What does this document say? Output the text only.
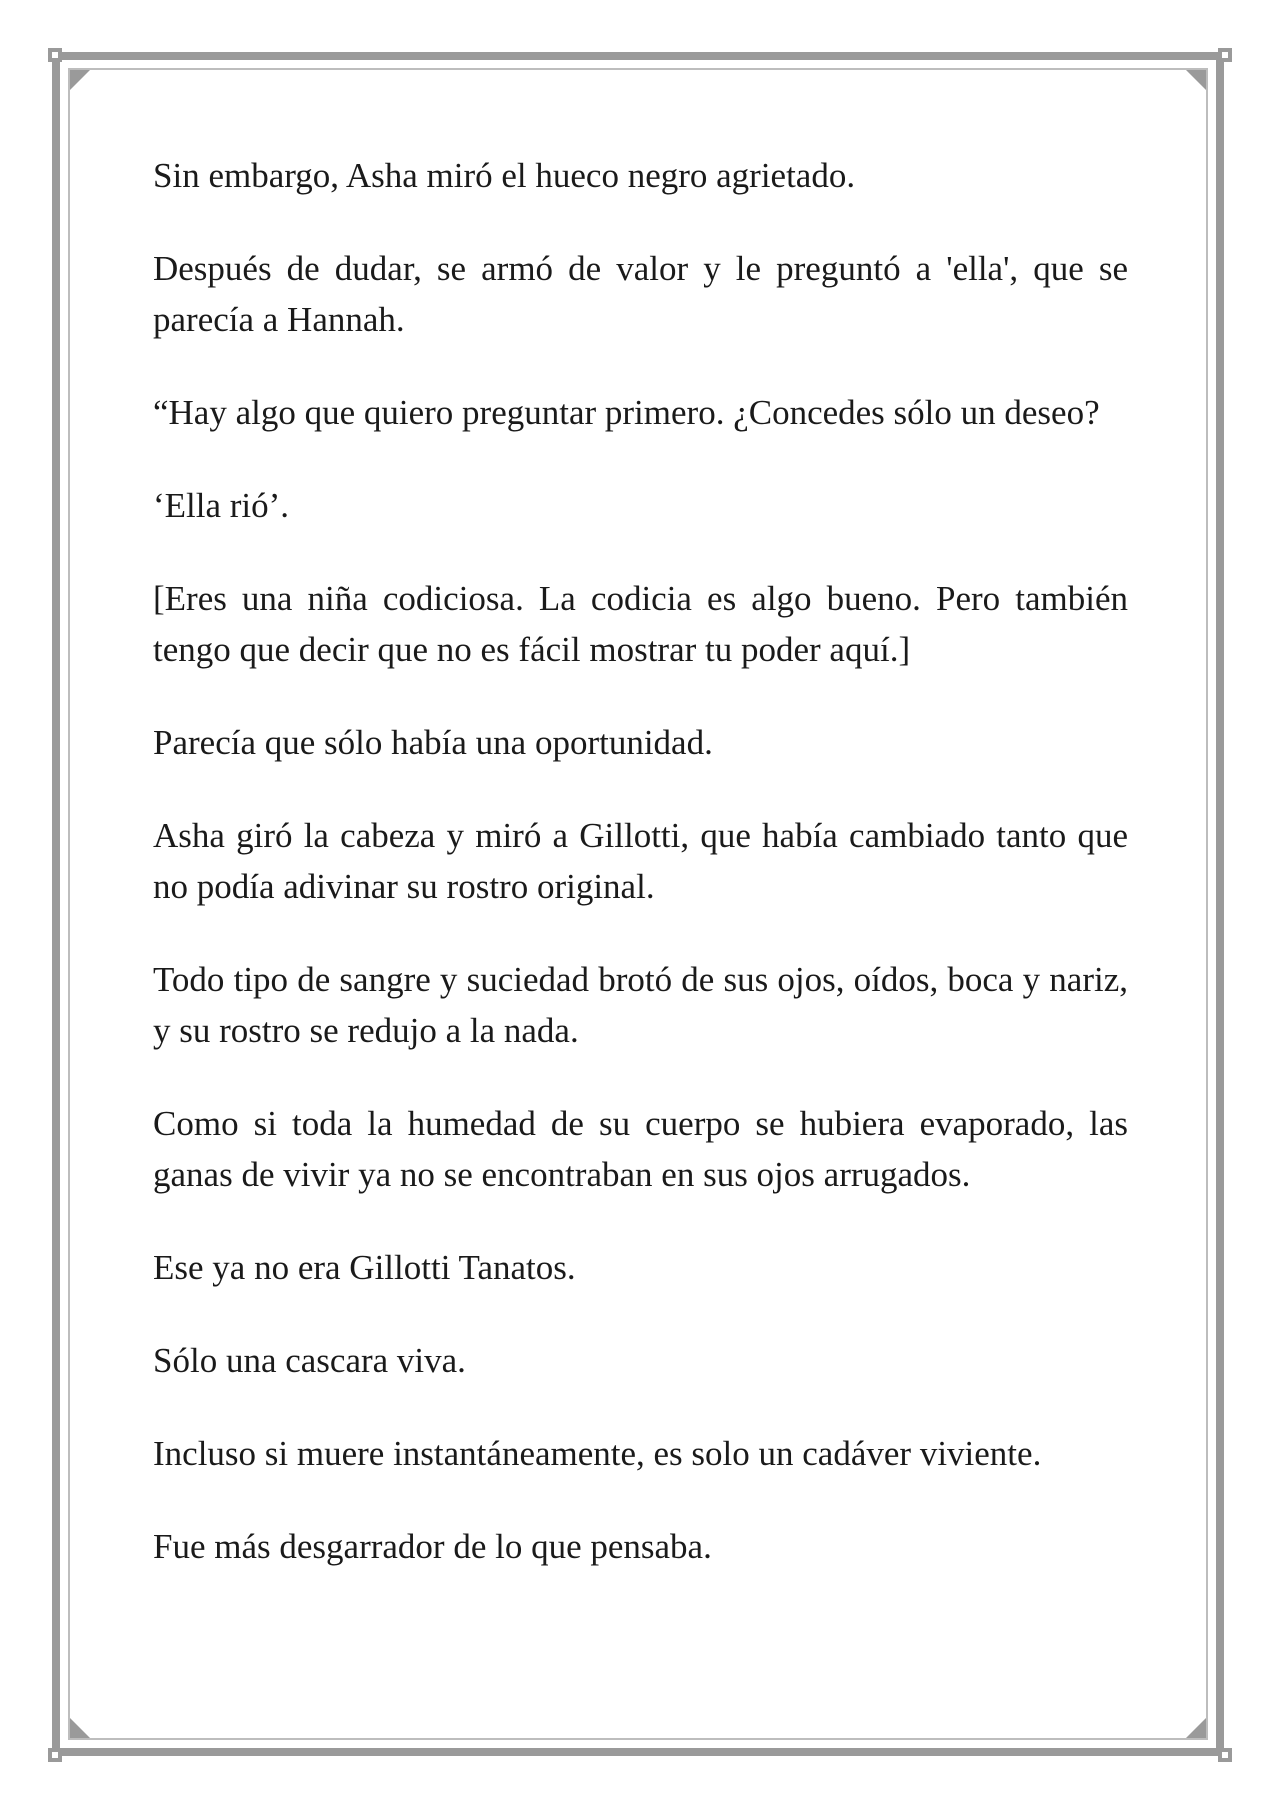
Sin embargo, Asha miró el hueco negro agrietado.

Después de dudar, se armó de valor y le preguntó a 'ella', que se parecía a Hannah.

“Hay algo que quiero preguntar primero. ¿Concedes sólo un deseo?

‘Ella rió’.

[Eres una niña codiciosa. La codicia es algo bueno. Pero también tengo que decir que no es fácil mostrar tu poder aquí.]

Parecía que sólo había una oportunidad.

Asha giró la cabeza y miró a Gillotti, que había cambiado tanto que no podía adivinar su rostro original.

Todo tipo de sangre y suciedad brotó de sus ojos, oídos, boca y nariz, y su rostro se redujo a la nada.

Como si toda la humedad de su cuerpo se hubiera evaporado, las ganas de vivir ya no se encontraban en sus ojos arrugados.

Ese ya no era Gillotti Tanatos.

Sólo una cascara viva.

Incluso si muere instantáneamente, es solo un cadáver viviente.

Fue más desgarrador de lo que pensaba.
